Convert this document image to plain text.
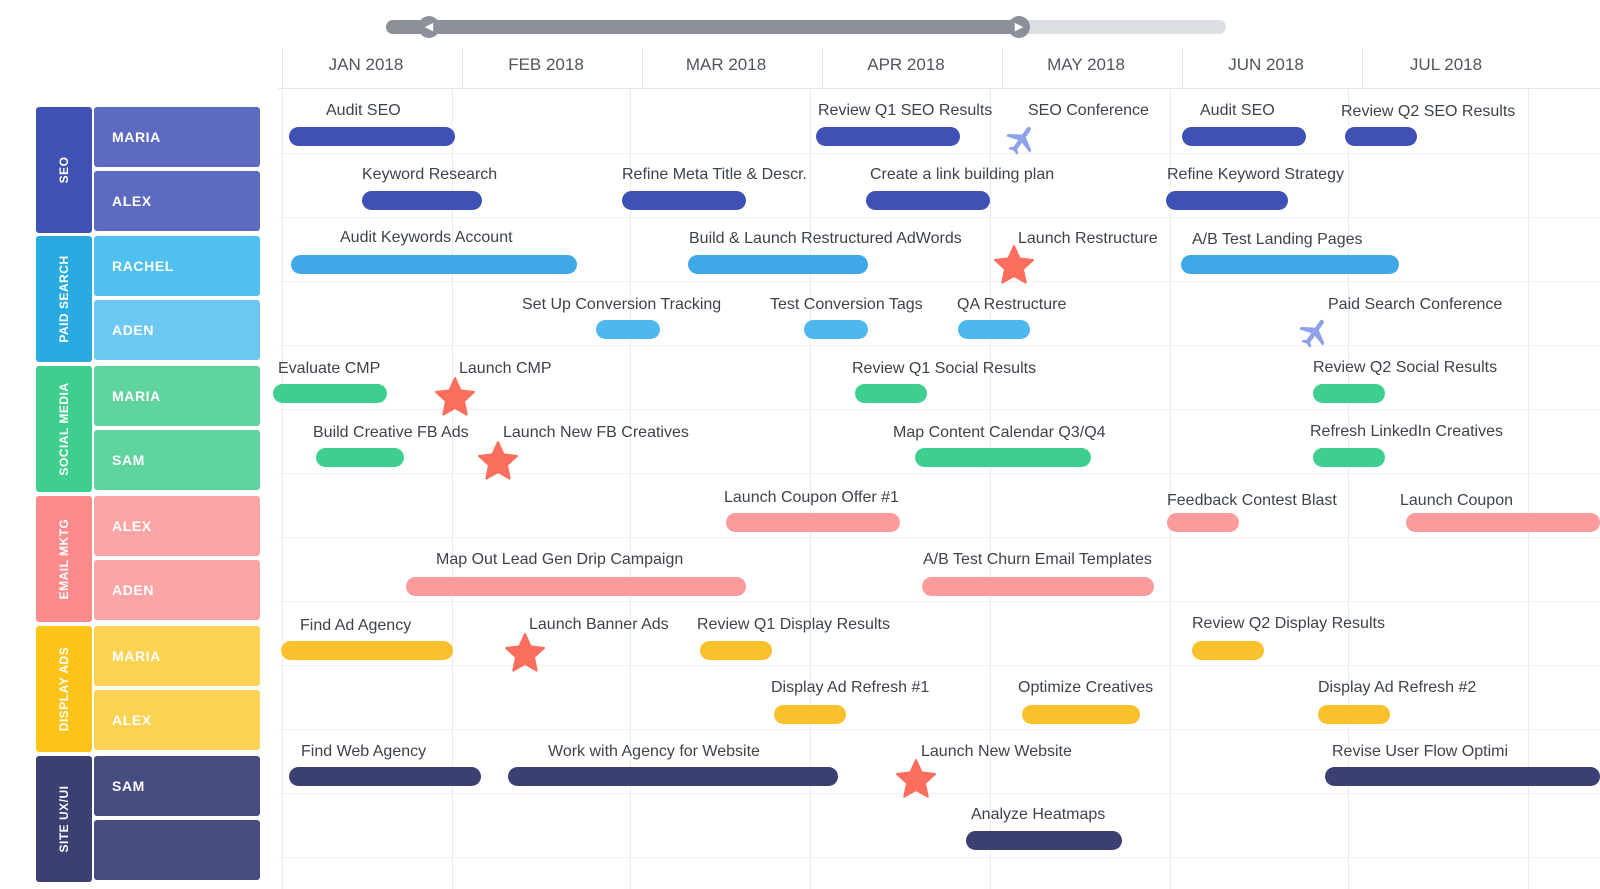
◀	▶
JAN 2018	FEB 2018	MAR 2018	APR 2018	MAY 2018	JUN 2018	JUL 2018
SEO
MARIA
ALEX
PAID SEARCH	RACHEL
ADEN
SOCIAL MEDIA	MARIA
SAM
EMAIL MKTG	ALEX
ADEN
DISPLAY ADS	MARIA
ALEX
SITE UX/UI	SAM
Audit SEO	Review Q1 SEO Results	Audit SEO	Review Q2 SEO Results
Keyword Research	Refine Meta Title & Descr.	Create a link building plan	Refine Keyword Strategy
Audit Keywords Account	Build & Launch Restructured AdWords	A/B Test Landing Pages
Set Up Conversion Tracking	Test Conversion Tags QA Restructure
Evaluate CMP	Review Q1 Social Results	Review Q2 Social Results
Build Creative FB Ads	Map Content Calendar Q3/Q4	Refresh LinkedIn Creatives
Launch Coupon Offer #1	Feedback Contest Blast	Launch Coupon
Map Out Lead Gen Drip Campaign	A/B Test Churn Email Templates
Find Ad Agency	Review Q1 Display Results	Review Q2 Display Results
Display Ad Refresh #1	Optimize Creatives	Display Ad Refresh #2
Find Web Agency	Work with Agency for Website	Revise User Flow Optimi
Analyze Heatmaps
Launch Restructure
Launch CMP
Launch New FB Creatives
Launch Banner Ads
Launch New Website
SEO Conference
Paid Search Conference
